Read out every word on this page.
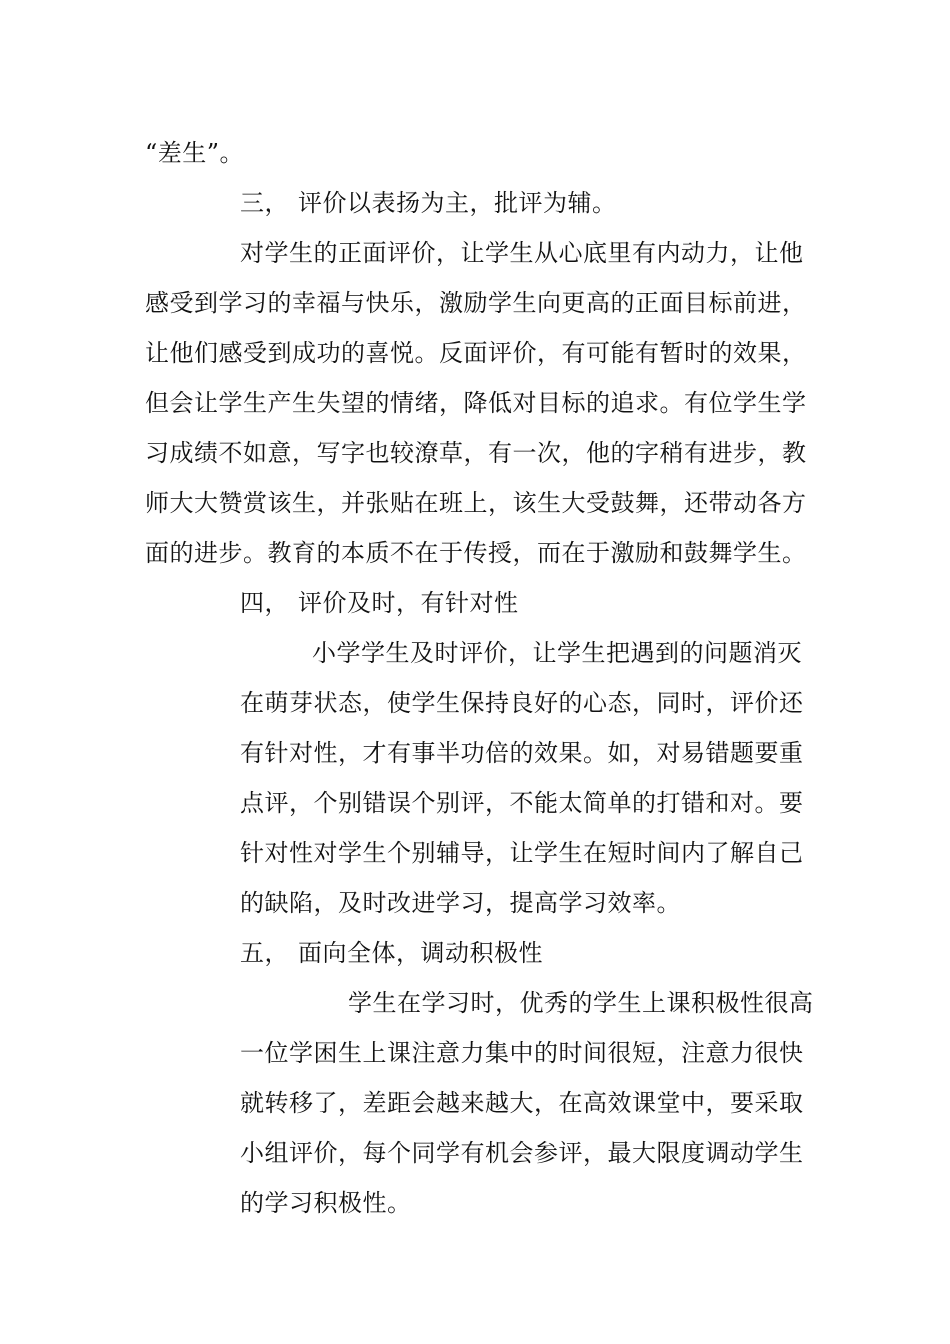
“差生”。
三， 评价以表扬为主，批评为辅。
对学生的正面评价，让学生从心底里有内动力，让他
感受到学习的幸福与快乐，激励学生向更高的正面目标前进，
让他们感受到成功的喜悦。反面评价，有可能有暂时的效果，
但会让学生产生失望的情绪，降低对目标的追求。有位学生学
习成绩不如意，写字也较潦草，有一次，他的字稍有进步，教
师大大赞赏该生，并张贴在班上，该生大受鼓舞，还带动各方
面的进步。教育的本质不在于传授，而在于激励和鼓舞学生。
四， 评价及时，有针对性
小学学生及时评价，让学生把遇到的问题消灭
在萌芽状态，使学生保持良好的心态，同时，评价还
有针对性，才有事半功倍的效果。如，对易错题要重
点评，个别错误个别评，不能太简单的打错和对。要
针对性对学生个别辅导，让学生在短时间内了解自己
的缺陷，及时改进学习，提高学习效率。
五， 面向全体，调动积极性
学生在学习时，优秀的学生上课积极性很高
一位学困生上课注意力集中的时间很短，注意力很快
就转移了，差距会越来越大，在高效课堂中，要采取
小组评价，每个同学有机会参评，最大限度调动学生
的学习积极性。
